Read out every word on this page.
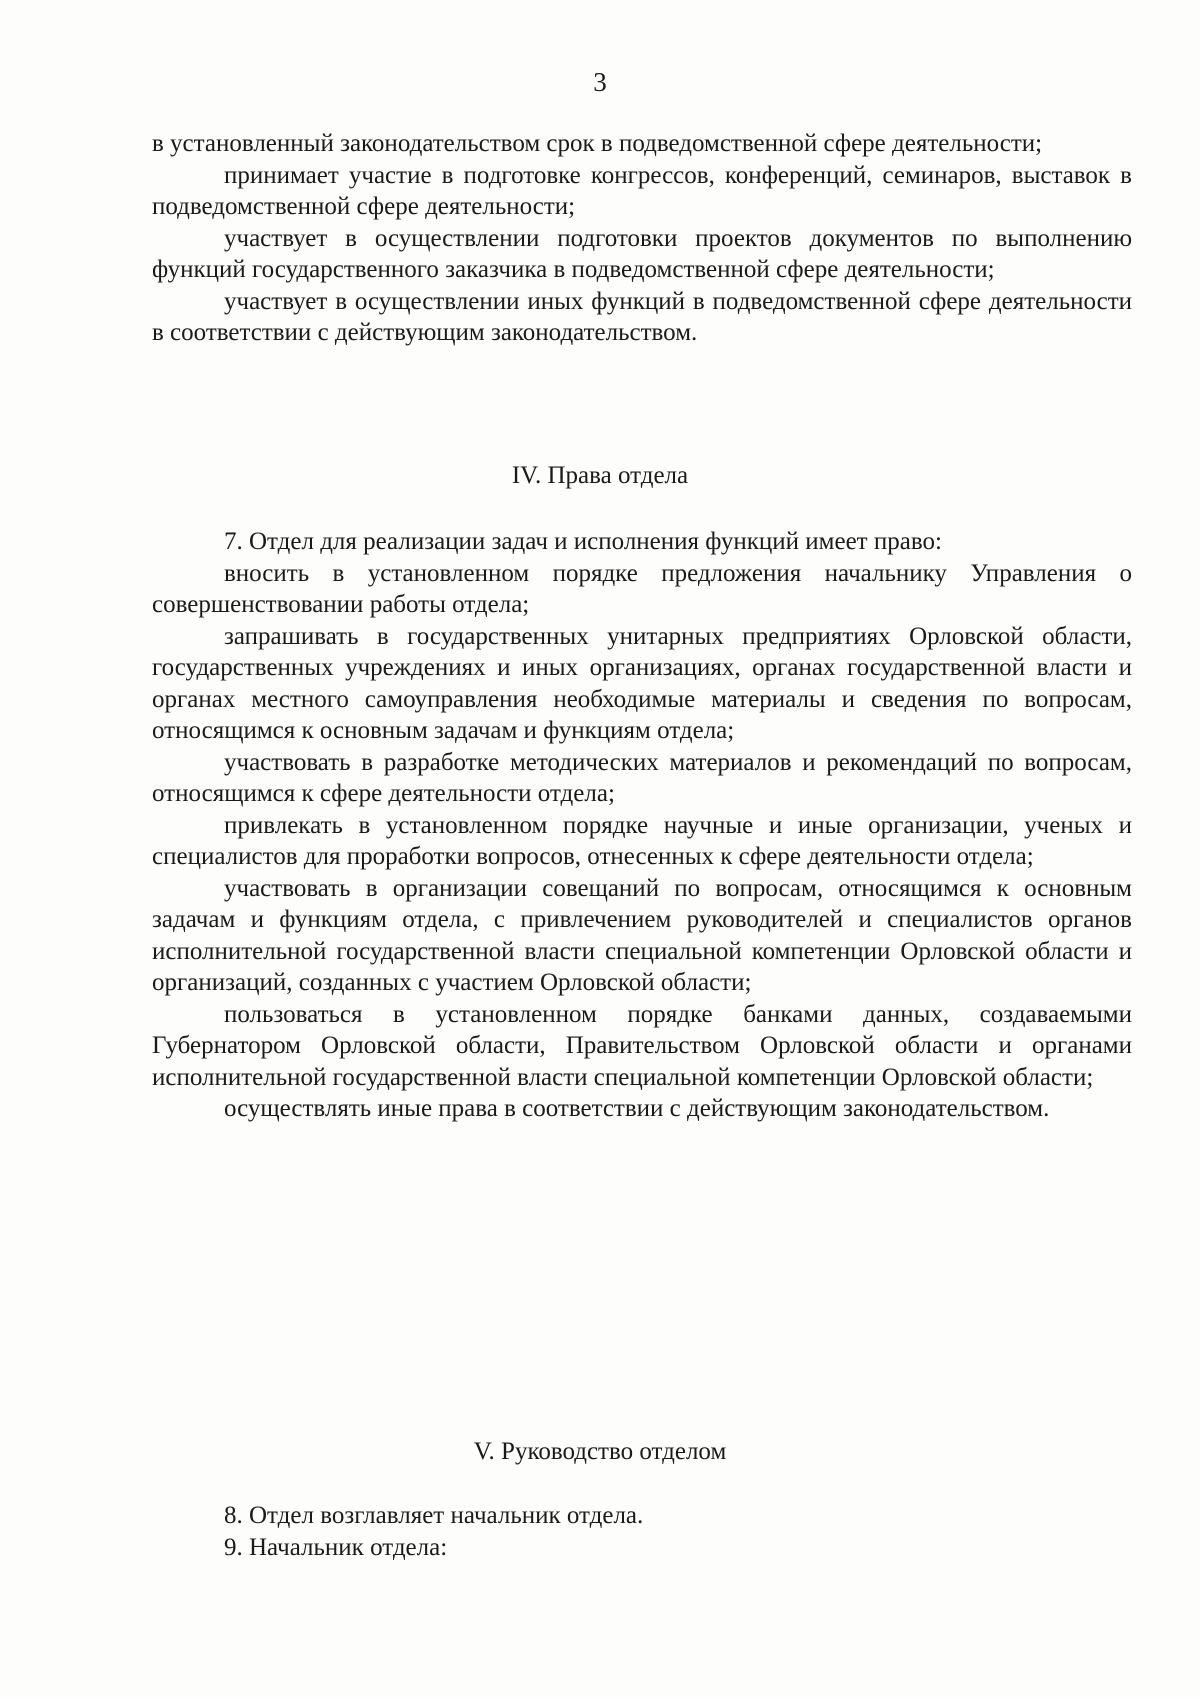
3

в установленный законодательством срок в подведомственной сфере деятельности;

принимает участие в подготовке конгрессов, конференций, семинаров, выставок в подведомственной сфере деятельности;

участвует в осуществлении подготовки проектов документов по выполнению функций государственного заказчика в подведомственной сфере деятельности;

участвует в осуществлении иных функций в подведомственной сфере деятельности в соответствии с действующим законодательством.

IV. Права отдела

7. Отдел для реализации задач и исполнения функций имеет право:

вносить в установленном порядке предложения начальнику Управления о совершенствовании работы отдела;

запрашивать в государственных унитарных предприятиях Орловской области, государственных учреждениях и иных организациях, органах государственной власти и органах местного самоуправления необходимые материалы и сведения по вопросам, относящимся к основным задачам и функциям отдела;

участвовать в разработке методических материалов и рекомендаций по вопросам, относящимся к сфере деятельности отдела;

привлекать в установленном порядке научные и иные организации, ученых и специалистов для проработки вопросов, отнесенных к сфере деятельности отдела;

участвовать в организации совещаний по вопросам, относящимся к основным задачам и функциям отдела, с привлечением руководителей и специалистов органов исполнительной государственной власти специальной компетенции Орловской области и организаций, созданных с участием Орловской области;

пользоваться в установленном порядке банками данных, создаваемыми Губернатором Орловской области, Правительством Орловской области и органами исполнительной государственной власти специальной компетенции Орловской области;

осуществлять иные права в соответствии с действующим законодательством.

V. Руководство отделом

8. Отдел возглавляет начальник отдела.

9. Начальник отдела:
